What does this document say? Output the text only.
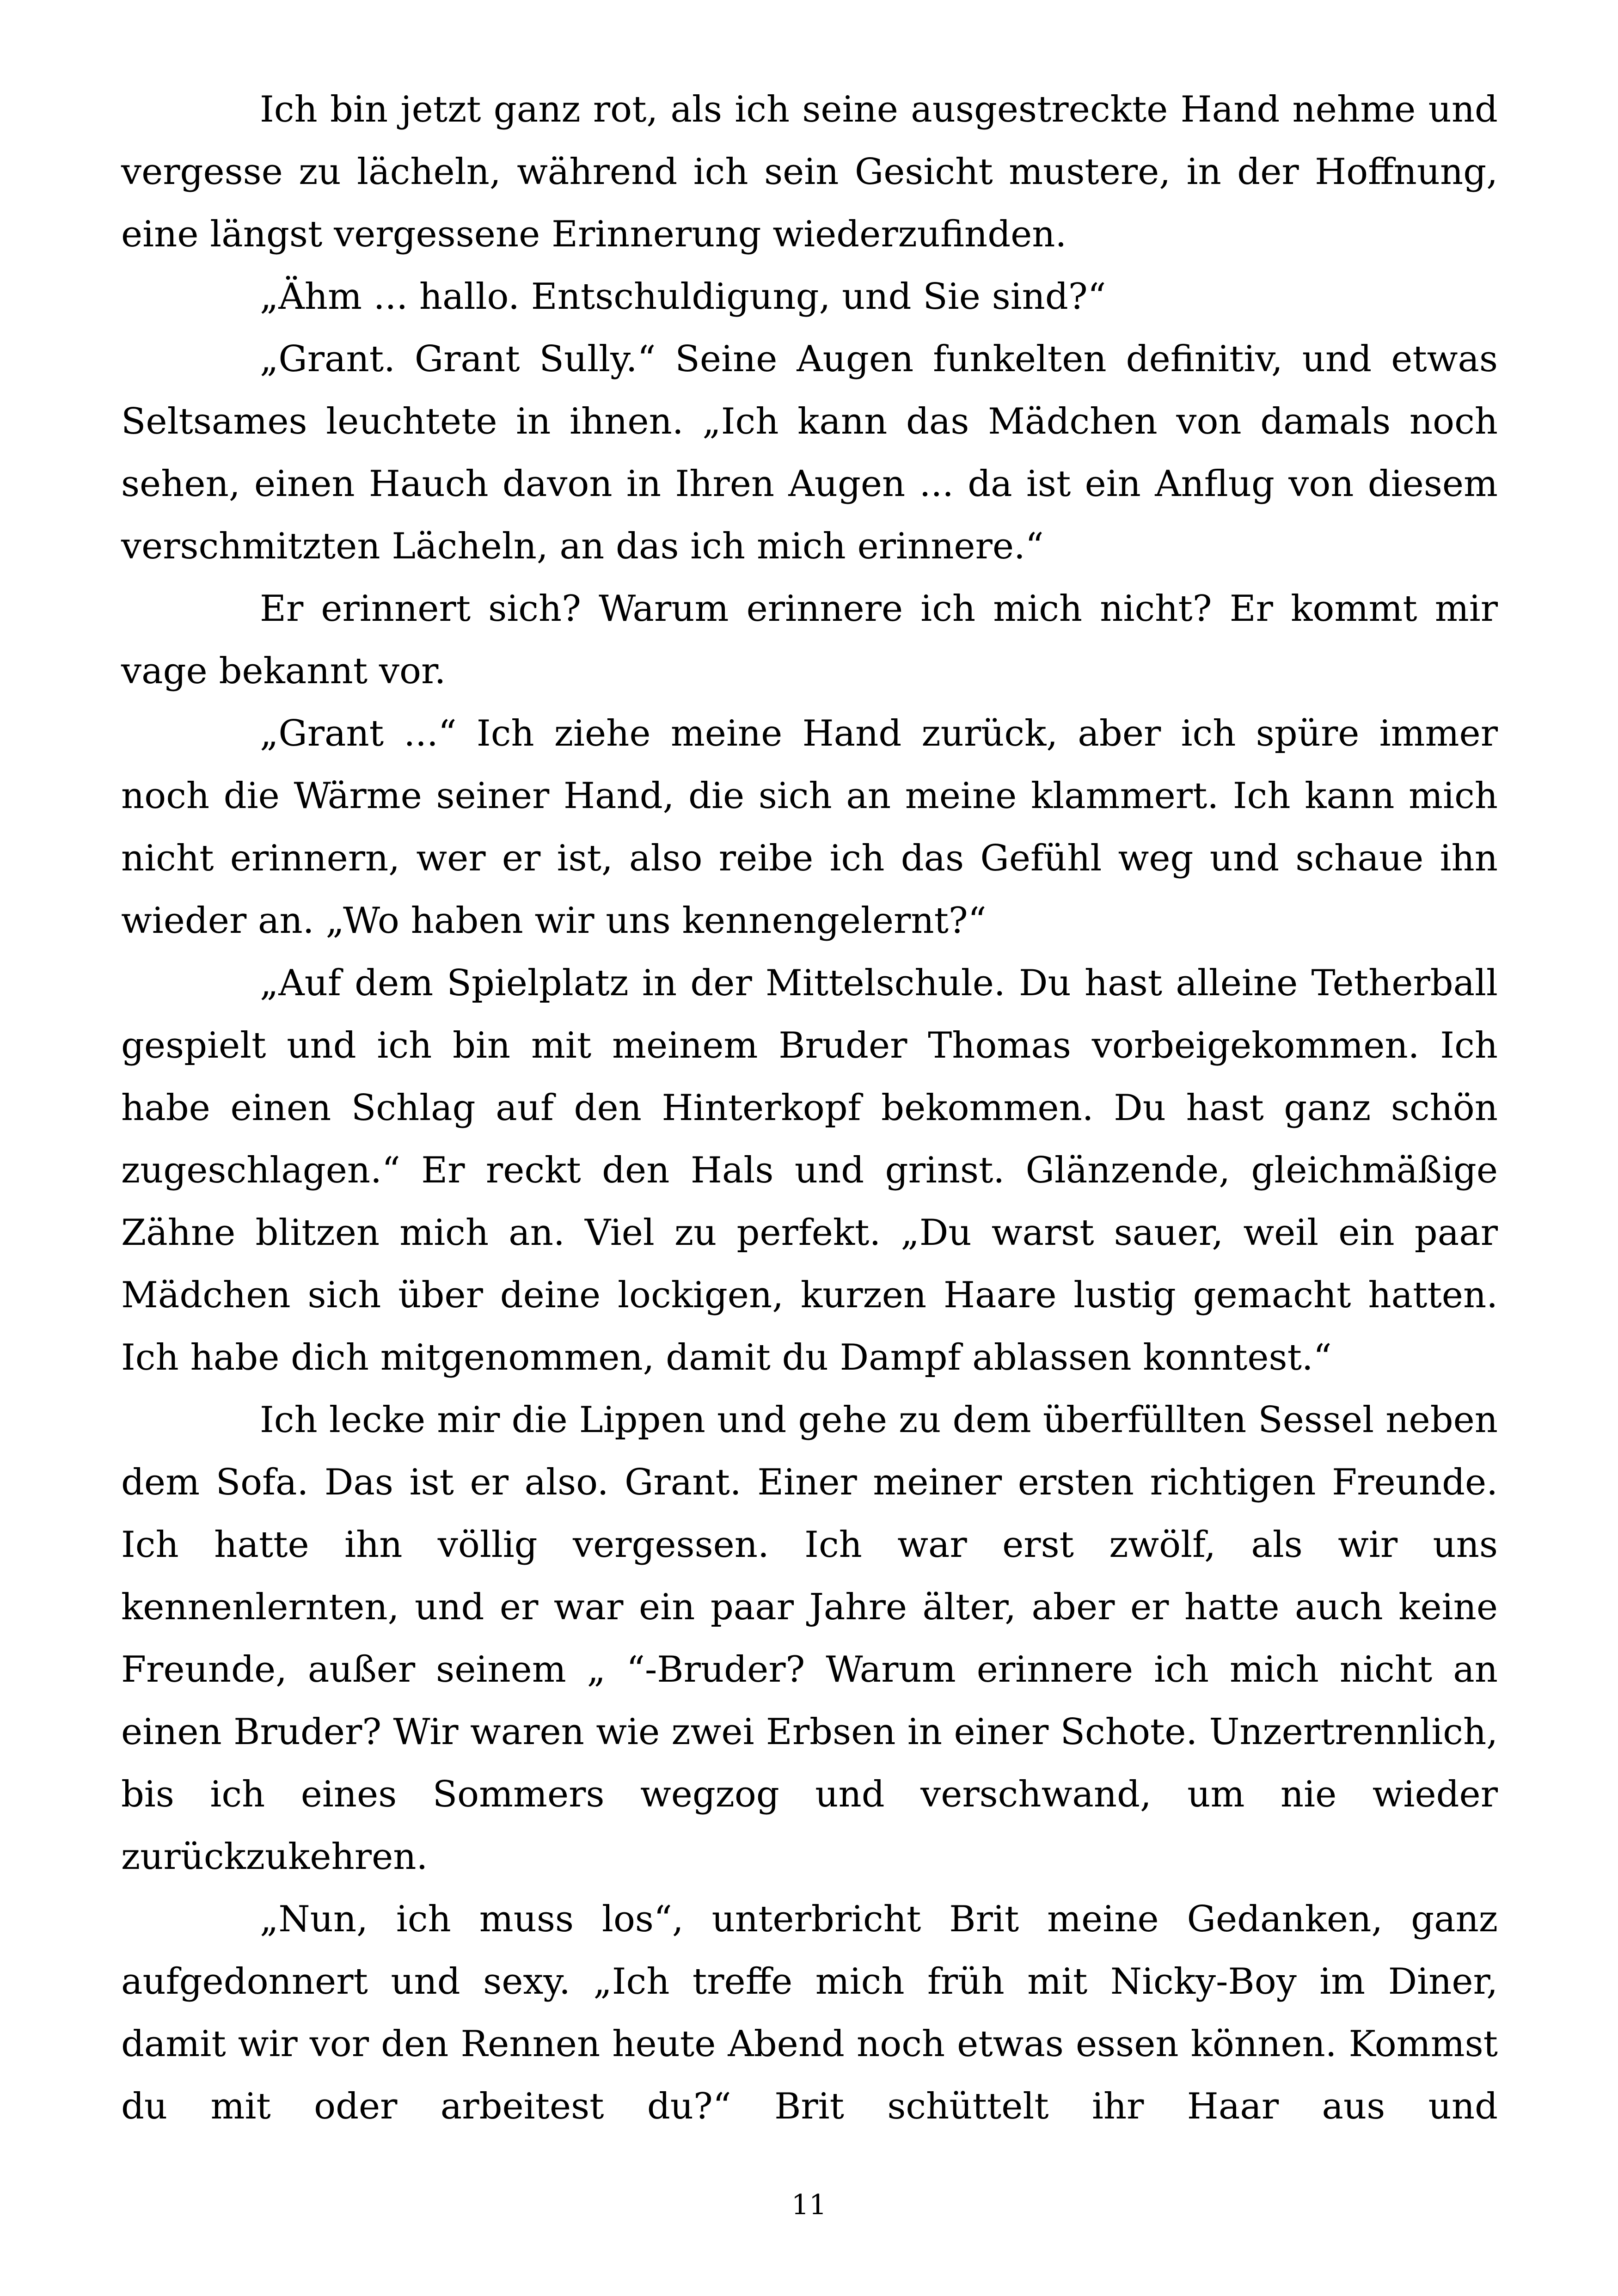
Ich bin jetzt ganz rot, als ich seine ausgestreckte Hand nehme und vergesse zu lächeln, während ich sein Gesicht mustere, in der Hoffnung, eine längst vergessene Erinnerung wiederzufinden.

„Ähm ... hallo. Entschuldigung, und Sie sind?“

„Grant. Grant Sully.“ Seine Augen funkelten definitiv, und etwas Seltsames leuchtete in ihnen. „Ich kann das Mädchen von damals noch sehen, einen Hauch davon in Ihren Augen ... da ist ein Anflug von diesem verschmitzten Lächeln, an das ich mich erinnere.“

Er erinnert sich? Warum erinnere ich mich nicht? Er kommt mir vage bekannt vor.

„Grant ...“ Ich ziehe meine Hand zurück, aber ich spüre immer noch die Wärme seiner Hand, die sich an meine klammert. Ich kann mich nicht erinnern, wer er ist, also reibe ich das Gefühl weg und schaue ihn wieder an. „Wo haben wir uns kennengelernt?“

„Auf dem Spielplatz in der Mittelschule. Du hast alleine Tetherball gespielt und ich bin mit meinem Bruder Thomas vorbeigekommen. Ich habe einen Schlag auf den Hinterkopf bekommen. Du hast ganz schön zugeschlagen.“ Er reckt den Hals und grinst. Glänzende, gleichmäßige Zähne blitzen mich an. Viel zu perfekt. „Du warst sauer, weil ein paar Mädchen sich über deine lockigen, kurzen Haare lustig gemacht hatten. Ich habe dich mitgenommen, damit du Dampf ablassen konntest.“

Ich lecke mir die Lippen und gehe zu dem überfüllten Sessel neben dem Sofa. Das ist er also. Grant. Einer meiner ersten richtigen Freunde. Ich hatte ihn völlig vergessen. Ich war erst zwölf, als wir uns kennenlernten, und er war ein paar Jahre älter, aber er hatte auch keine Freunde, außer seinem „ “-Bruder? Warum erinnere ich mich nicht an einen Bruder? Wir waren wie zwei Erbsen in einer Schote. Unzertrennlich, bis ich eines Sommers wegzog und verschwand, um nie wieder zurückzukehren.

„Nun, ich muss los“, unterbricht Brit meine Gedanken, ganz aufgedonnert und sexy. „Ich treffe mich früh mit Nicky-Boy im Diner, damit wir vor den Rennen heute Abend noch etwas essen können. Kommst du mit oder arbeitest du?“ Brit schüttelt ihr Haar aus und

11
